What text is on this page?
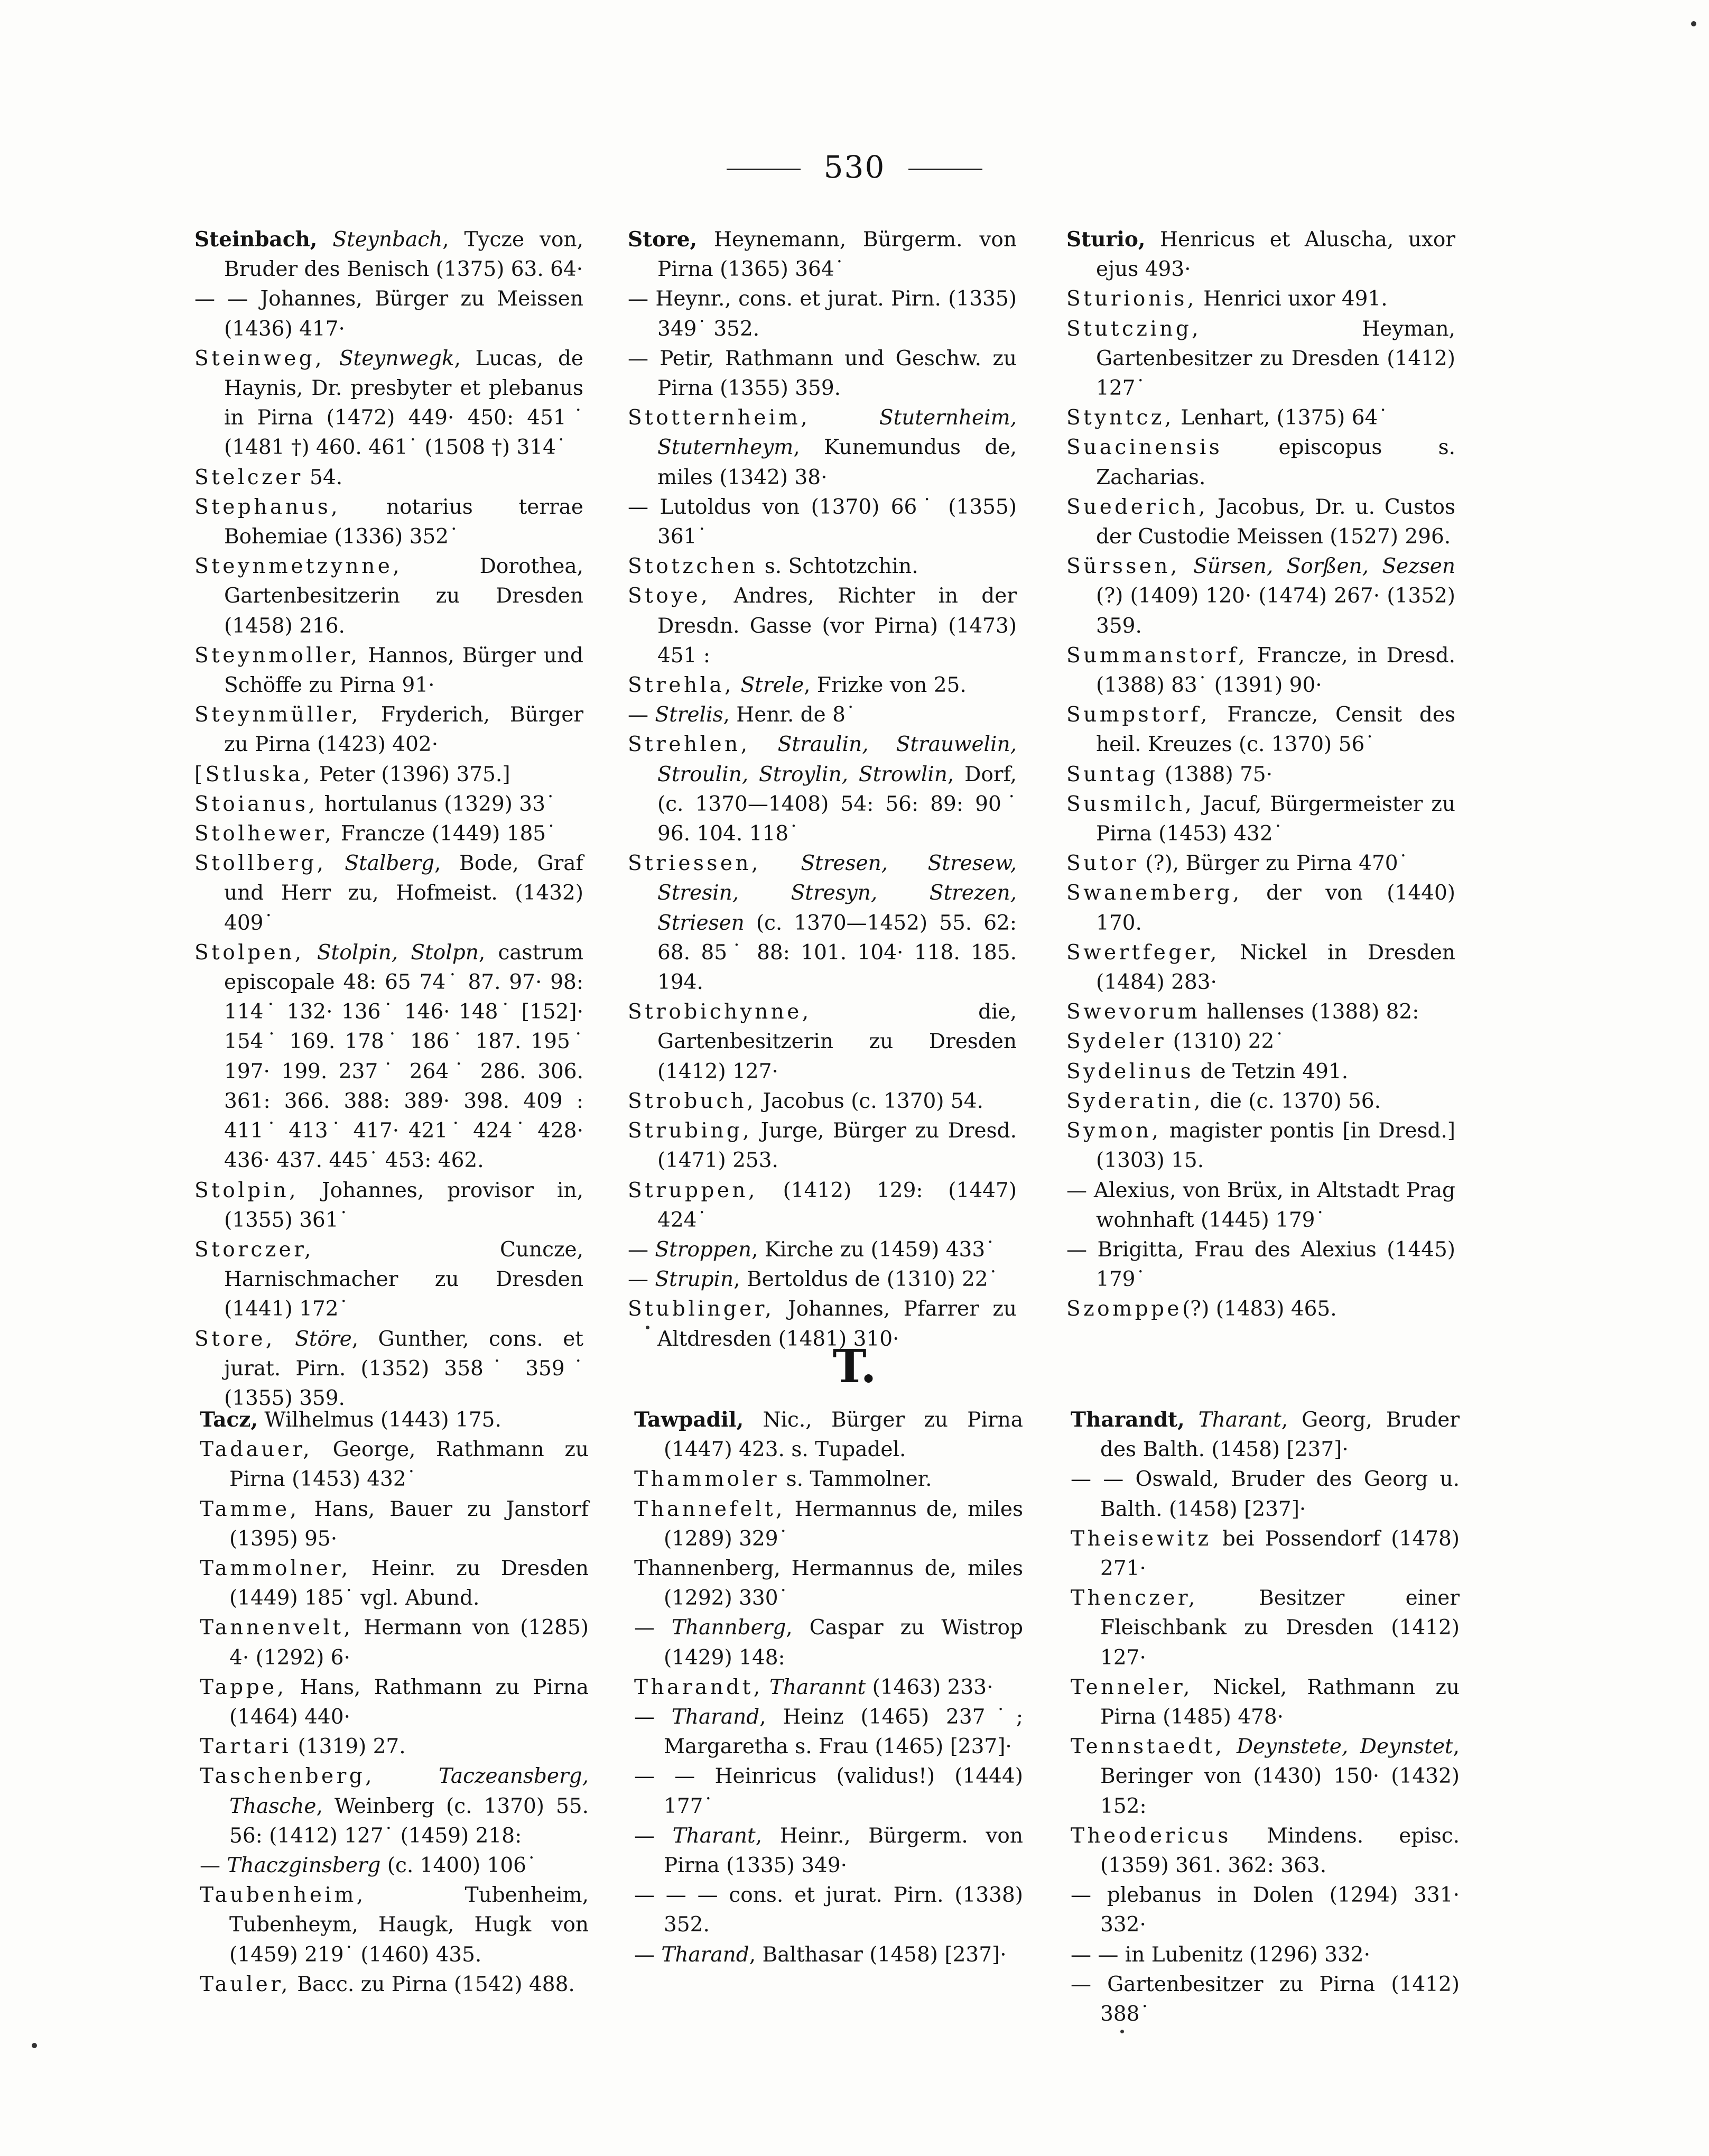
530

Steinbach, Steynbach, Tycze von, Bruder des Benisch (1375) 63. 64·

— — Johannes, Bürger zu Meissen (1436) 417·

Steinweg, Steynwegk, Lucas, de Haynis, Dr. presbyter et plebanus in Pirna (1472) 449· 450: 451˙ (1481 †) 460. 461˙ (1508 †) 314˙

Stelczer 54.

Stephanus, notarius terrae Bohemiae (1336) 352˙

Steynmetzynne, Dorothea, Gartenbesitzerin zu Dresden (1458) 216.

Steynmoller, Hannos, Bürger und Schöffe zu Pirna 91·

Steynmüller, Fryderich, Bürger zu Pirna (1423) 402·

[Stluska, Peter (1396) 375.]

Stoianus, hortulanus (1329) 33˙

Stolhewer, Francze (1449) 185˙

Stollberg, Stalberg, Bode, Graf und Herr zu, Hofmeist. (1432) 409˙

Stolpen, Stolpin, Stolpn, castrum episcopale 48: 65 74˙ 87. 97· 98: 114˙ 132· 136˙ 146· 148˙ [152]· 154˙ 169. 178˙ 186˙ 187. 195˙ 197· 199. 237˙ 264˙ 286. 306. 361: 366. 388: 389· 398. 409 : 411˙ 413˙ 417· 421˙ 424˙ 428· 436· 437. 445˙ 453: 462.

Stolpin, Johannes, provisor in, (1355) 361˙

Storczer, Cuncze, Harnischmacher zu Dresden (1441) 172˙

Store, Störe, Gunther, cons. et jurat. Pirn. (1352) 358˙ 359˙ (1355) 359.

Store, Heynemann, Bürgerm. von Pirna (1365) 364˙

— Heynr., cons. et jurat. Pirn. (1335) 349˙ 352.

— Petir, Rathmann und Geschw. zu Pirna (1355) 359.

Stotternheim,	Stuternheim, Stuternheym, Kunemundus de, miles (1342) 38·

— Lutoldus von (1370) 66˙ (1355) 361˙

Stotzchen s. Schtotzchin.

Stoye, Andres, Richter in der Dresdn. Gasse (vor Pirna) (1473) 451 :

Strehla, Strele, Frizke von 25.

— Strelis, Henr. de 8˙

Strehlen, Straulin, Strauwelin, Stroulin, Stroylin, Strowlin, Dorf, (c. 1370—1408) 54: 56: 89: 90˙ 96. 104. 118˙

Striessen, Stresen, Stresew, Stresin, Stresyn, Strezen, Striesen (c. 1370—1452) 55. 62: 68. 85˙ 88: 101. 104· 118. 185. 194.

Strobichynne, die, Gartenbesitzerin zu Dresden (1412) 127·

Strobuch, Jacobus (c. 1370) 54.

Strubing, Jurge, Bürger zu Dresd. (1471) 253.

Struppen, (1412) 129: (1447) 424˙

— Stroppen, Kirche zu (1459) 433˙

— Strupin, Bertoldus de (1310) 22˙

Stublinger, Johannes, Pfarrer zu Altdresden (1481) 310·

Sturio, Henricus et Aluscha, uxor ejus 493·

Sturionis, Henrici uxor 491.

Stutczing, Heyman, Gartenbesitzer zu Dresden (1412) 127˙

Styntcz, Lenhart, (1375) 64˙

Suacinensis episcopus s. Zacharias.

Suederich, Jacobus, Dr. u. Custos der Custodie Meissen (1527) 296.

Sürssen, Sürsen, Sorßen, Sezsen (?) (1409) 120· (1474) 267· (1352) 359.

Summanstorf, Francze, in Dresd. (1388) 83˙ (1391) 90·

Sumpstorf, Francze, Censit des heil. Kreuzes (c. 1370) 56˙

Suntag (1388) 75·

Susmilch, Jacuf, Bürgermeister zu Pirna (1453) 432˙

Sutor (?), Bürger zu Pirna 470˙

Swanemberg, der von (1440) 170.

Swertfeger, Nickel in Dresden (1484) 283·

Swevorum hallenses (1388) 82:

Sydeler (1310) 22˙

Sydelinus de Tetzin 491.

Syderatin, die (c. 1370) 56.

Symon, magister pontis [in Dresd.] (1303) 15.

— Alexius, von Brüx, in Altstadt Prag wohnhaft (1445) 179˙

— Brigitta, Frau des Alexius (1445) 179˙

Szomppe(?) (1483) 465.

T.

Tacz, Wilhelmus (1443) 175.

Tadauer, George, Rathmann zu Pirna (1453) 432˙

Tamme, Hans, Bauer zu Janstorf (1395) 95·

Tammolner, Heinr. zu Dresden (1449) 185˙ vgl. Abund.

Tannenvelt, Hermann von (1285) 4· (1292) 6·

Tappe, Hans, Rathmann zu Pirna (1464) 440·

Tartari (1319) 27.

Taschenberg,	Taczeansberg, Thasche, Weinberg (c. 1370) 55. 56: (1412) 127˙ (1459) 218:

— Thaczginsberg (c. 1400) 106˙

Taubenheim, Tubenheim, Tubenheym, Haugk, Hugk von (1459) 219˙ (1460) 435.

Tauler, Bacc. zu Pirna (1542) 488.

Tawpadil, Nic., Bürger zu Pirna (1447) 423. s. Tupadel.

Thammoler s. Tammolner.

Thannefelt, Hermannus de, miles (1289) 329˙

Thannenberg, Hermannus de, miles (1292) 330˙

— Thannberg, Caspar zu Wistrop (1429) 148:

Tharandt, Tharannt (1463) 233·

— Tharand, Heinz (1465) 237˙; Margaretha s. Frau (1465) [237]·

— — Heinricus (validus!) (1444) 177˙

— Tharant, Heinr., Bürgerm. von Pirna (1335) 349·

— — — cons. et jurat. Pirn. (1338) 352.

— Tharand, Balthasar (1458) [237]·

Tharandt, Tharant, Georg, Bruder des Balth. (1458) [237]·

— — Oswald, Bruder des Georg u. Balth. (1458) [237]·

Theisewitz bei Possendorf (1478) 271·

Thenczer, Besitzer einer Fleischbank zu Dresden (1412) 127·

Tenneler, Nickel, Rathmann zu Pirna (1485) 478·

Tennstaedt, Deynstete, Deynstet, Beringer von (1430) 150· (1432) 152:

Theodericus Mindens. episc. (1359) 361. 362: 363.

— plebanus in Dolen (1294) 331· 332·

— — in Lubenitz (1296) 332·

— Gartenbesitzer zu Pirna (1412) 388˙
